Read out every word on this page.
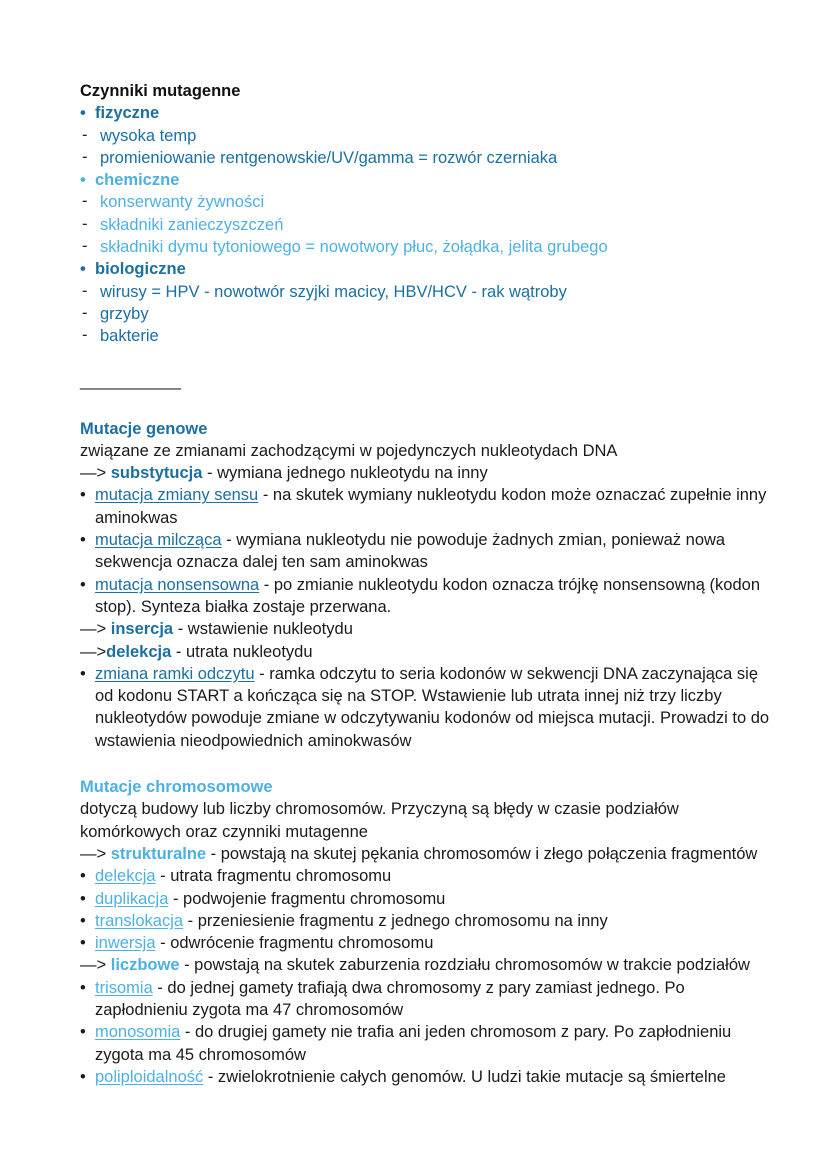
Czynniki mutagenne
• fizyczne
- wysoka temp
- promieniowanie rentgenowskie/UV/gamma = rozwór czerniaka
• chemiczne
- konserwanty żywności
- składniki zanieczyszczeń
- składniki dymu tytoniowego = nowotwory płuc, żołądka, jelita grubego
• biologiczne
- wirusy = HPV - nowotwór szyjki macicy, HBV/HCV - rak wątroby
- grzyby
- bakterie
___________
Mutacje genowe
związane ze zmianami zachodzącymi w pojedynczych nukleotydach DNA
—> substytucja - wymiana jednego nukleotydu na inny
• mutacja zmiany sensu - na skutek wymiany nukleotydu kodon może oznaczać zupełnie inny aminokwas
• mutacja milcząca - wymiana nukleotydu nie powoduje żadnych zmian, ponieważ nowa sekwencja oznacza dalej ten sam aminokwas
• mutacja nonsensowna - po zmianie nukleotydu kodon oznacza trójkę nonsensowną (kodon stop). Synteza białka zostaje przerwana.
—> insercja - wstawienie nukleotydu
—>delekcja - utrata nukleotydu
• zmiana ramki odczytu - ramka odczytu to seria kodonów w sekwencji DNA zaczynająca się od kodonu START a kończąca się na STOP. Wstawienie lub utrata innej niż trzy liczby nukleotydów powoduje zmiane w odczytywaniu kodonów od miejsca mutacji. Prowadzi to do wstawienia nieodpowiednich aminokwasów
Mutacje chromosomowe
dotyczą budowy lub liczby chromosomów. Przyczyną są błędy w czasie podziałów komórkowych oraz czynniki mutagenne
—> strukturalne - powstają na skutej pękania chromosomów i złego połączenia fragmentów
• delekcja - utrata fragmentu chromosomu
• duplikacja - podwojenie fragmentu chromosomu
• translokacja - przeniesienie fragmentu z jednego chromosomu na inny
• inwersja - odwrócenie fragmentu chromosomu
—> liczbowe - powstają na skutek zaburzenia rozdziału chromosomów w trakcie podziałów
• trisomia - do jednej gamety trafiają dwa chromosomy z pary zamiast jednego. Po zapłodnieniu zygota ma 47 chromosomów
• monosomia - do drugiej gamety nie trafia ani jeden chromosom z pary. Po zapłodnieniu zygota ma 45 chromosomów
• poliploidalność - zwielokrotnienie całych genomów. U ludzi takie mutacje są śmiertelne
